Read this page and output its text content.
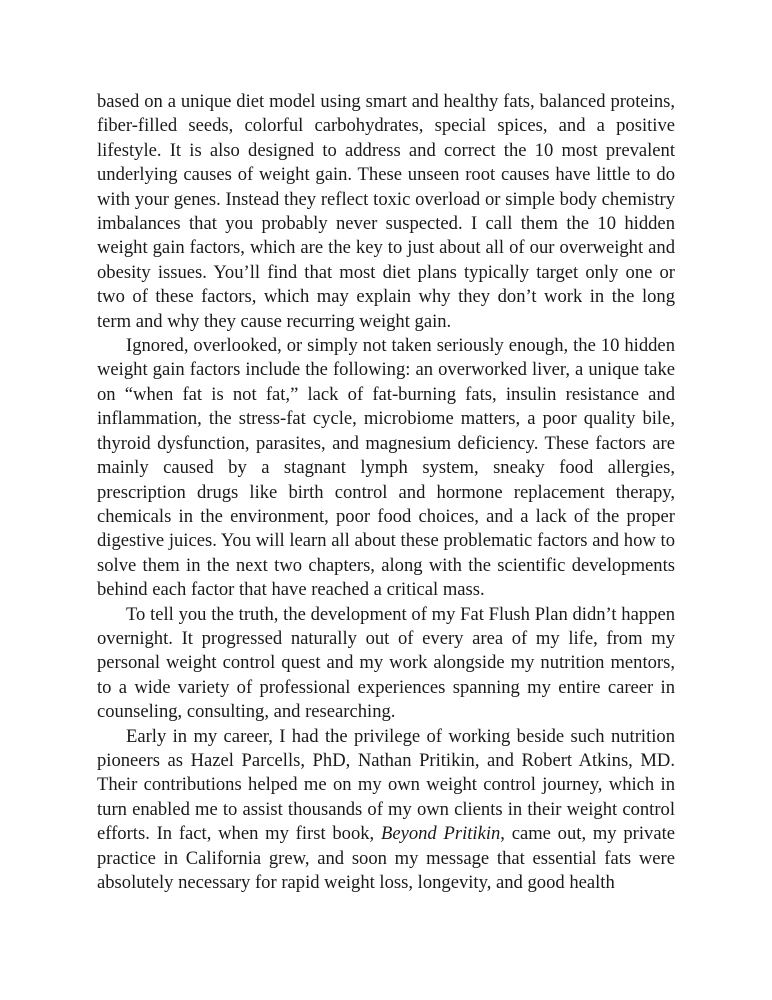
based on a unique diet model using smart and healthy fats, balanced proteins, fiber-filled seeds, colorful carbohydrates, special spices, and a positive lifestyle. It is also designed to address and correct the 10 most prevalent underlying causes of weight gain. These unseen root causes have little to do with your genes. Instead they reflect toxic overload or simple body chemistry imbalances that you probably never suspected. I call them the 10 hidden weight gain factors, which are the key to just about all of our overweight and obesity issues. You’ll find that most diet plans typically target only one or two of these factors, which may explain why they don’t work in the long term and why they cause recurring weight gain.

Ignored, overlooked, or simply not taken seriously enough, the 10 hidden weight gain factors include the following: an overworked liver, a unique take on “when fat is not fat,” lack of fat-burning fats, insulin resistance and inflammation, the stress-fat cycle, microbiome matters, a poor quality bile, thyroid dysfunction, parasites, and magnesium deficiency. These factors are mainly caused by a stagnant lymph system, sneaky food allergies, prescription drugs like birth control and hormone replacement therapy, chemicals in the environment, poor food choices, and a lack of the proper digestive juices. You will learn all about these problematic factors and how to solve them in the next two chapters, along with the scientific developments behind each factor that have reached a critical mass.

To tell you the truth, the development of my Fat Flush Plan didn’t happen overnight. It progressed naturally out of every area of my life, from my personal weight control quest and my work alongside my nutrition mentors, to a wide variety of professional experiences spanning my entire career in counseling, consulting, and researching.

Early in my career, I had the privilege of working beside such nutrition pioneers as Hazel Parcells, PhD, Nathan Pritikin, and Robert Atkins, MD. Their contributions helped me on my own weight control journey, which in turn enabled me to assist thousands of my own clients in their weight control efforts. In fact, when my first book, Beyond Pritikin, came out, my private practice in California grew, and soon my message that essential fats were absolutely necessary for rapid weight loss, longevity, and good health
